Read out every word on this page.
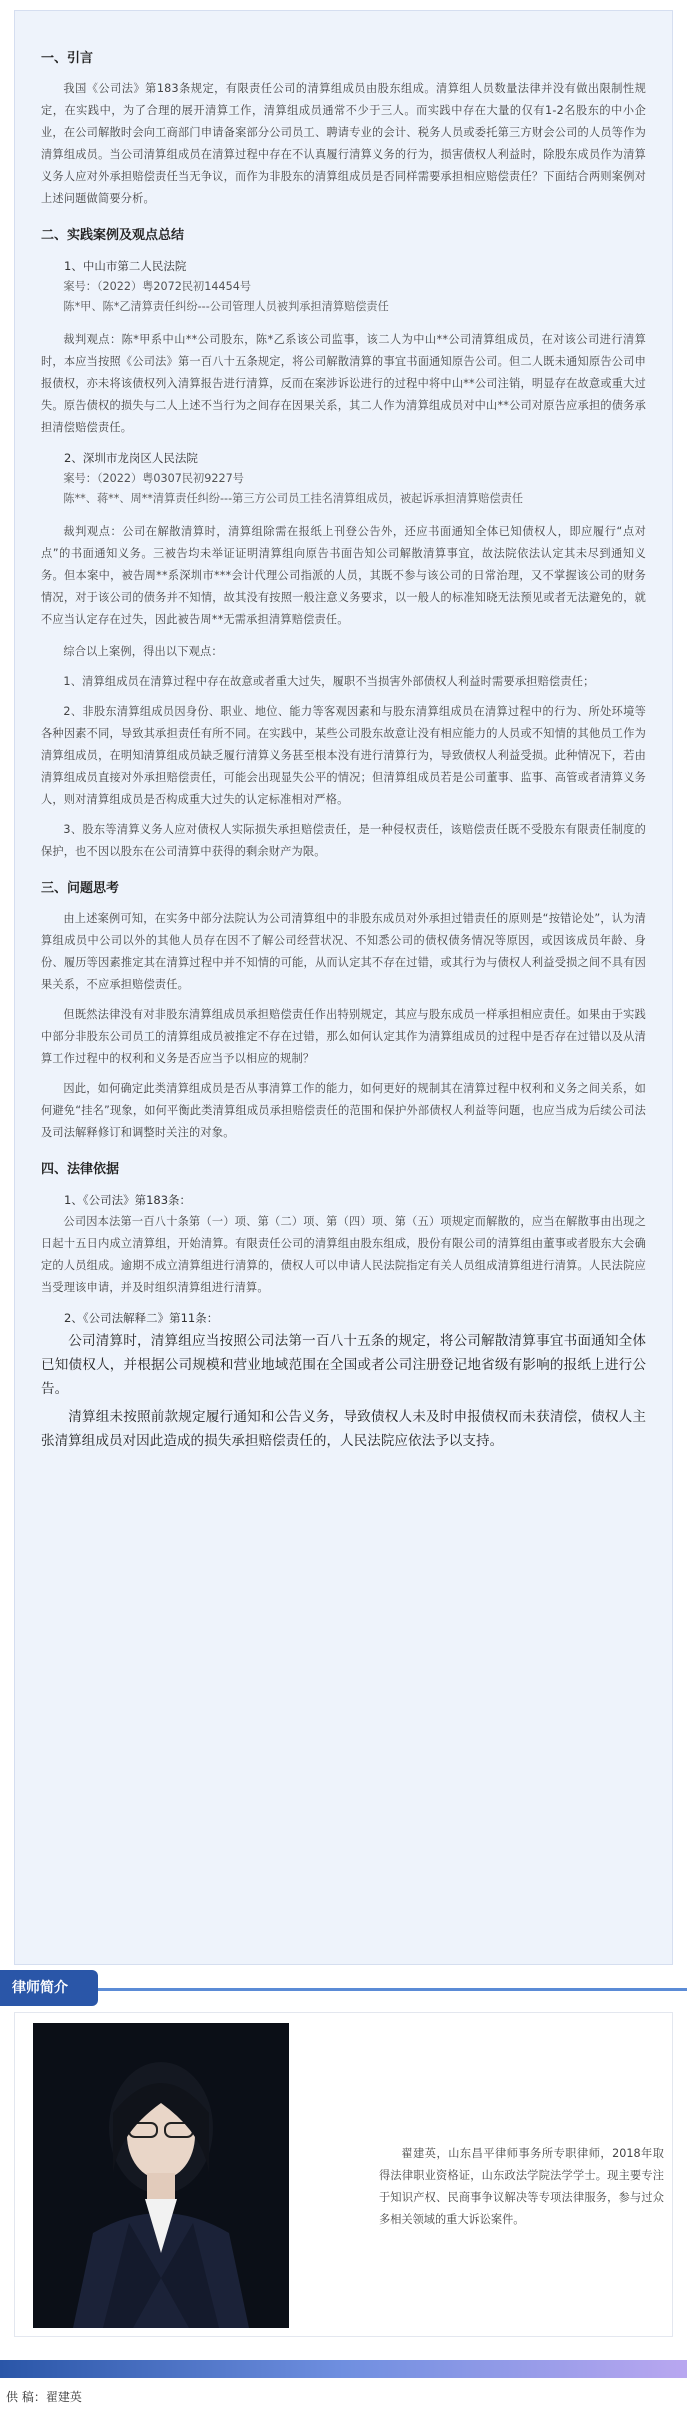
一、引言
我国《公司法》第183条规定，有限责任公司的清算组成员由股东组成。清算组人员数量法律并没有做出限制性规定，在实践中，为了合理的展开清算工作，清算组成员通常不少于三人。而实践中存在大量的仅有1-2名股东的中小企业，在公司解散时会向工商部门申请备案部分公司员工、聘请专业的会计、税务人员或委托第三方财会公司的人员等作为清算组成员。当公司清算组成员在清算过程中存在不认真履行清算义务的行为，损害债权人利益时，除股东成员作为清算义务人应对外承担赔偿责任当无争议，而作为非股东的清算组成员是否同样需要承担相应赔偿责任？下面结合两则案例对上述问题做简要分析。
二、实践案例及观点总结
1、中山市第二人民法院
案号：（2022）粤2072民初14454号
陈*甲、陈*乙清算责任纠纷---公司管理人员被判承担清算赔偿责任
裁判观点：陈*甲系中山**公司股东，陈*乙系该公司监事，该二人为中山**公司清算组成员，在对该公司进行清算时，本应当按照《公司法》第一百八十五条规定，将公司解散清算的事宜书面通知原告公司。但二人既未通知原告公司申报债权，亦未将该债权列入清算报告进行清算，反而在案涉诉讼进行的过程中将中山**公司注销，明显存在故意或重大过失。原告债权的损失与二人上述不当行为之间存在因果关系，其二人作为清算组成员对中山**公司对原告应承担的债务承担清偿赔偿责任。
2、深圳市龙岗区人民法院
案号：（2022）粤0307民初9227号
陈**、蒋**、周**清算责任纠纷---第三方公司员工挂名清算组成员，被起诉承担清算赔偿责任
裁判观点：公司在解散清算时，清算组除需在报纸上刊登公告外，还应书面通知全体已知债权人，即应履行“点对点”的书面通知义务。三被告均未举证证明清算组向原告书面告知公司解散清算事宜，故法院依法认定其未尽到通知义务。但本案中，被告周**系深圳市***会计代理公司指派的人员，其既不参与该公司的日常治理，又不掌握该公司的财务情况，对于该公司的债务并不知情，故其没有按照一般注意义务要求，以一般人的标准知晓无法预见或者无法避免的，就不应当认定存在过失，因此被告周**无需承担清算赔偿责任。
综合以上案例，得出以下观点：
1、清算组成员在清算过程中存在故意或者重大过失，履职不当损害外部债权人利益时需要承担赔偿责任；
2、非股东清算组成员因身份、职业、地位、能力等客观因素和与股东清算组成员在清算过程中的行为、所处环境等各种因素不同，导致其承担责任有所不同。在实践中，某些公司股东故意让没有相应能力的人员或不知情的其他员工作为清算组成员，在明知清算组成员缺乏履行清算义务甚至根本没有进行清算行为，导致债权人利益受损。此种情况下，若由清算组成员直接对外承担赔偿责任，可能会出现显失公平的情况；但清算组成员若是公司董事、监事、高管或者清算义务人，则对清算组成员是否构成重大过失的认定标准相对严格。
3、股东等清算义务人应对债权人实际损失承担赔偿责任，是一种侵权责任，该赔偿责任既不受股东有限责任制度的保护，也不因以股东在公司清算中获得的剩余财产为限。
三、问题思考
由上述案例可知，在实务中部分法院认为公司清算组中的非股东成员对外承担过错责任的原则是“按错论处”，认为清算组成员中公司以外的其他人员存在因不了解公司经营状况、不知悉公司的债权债务情况等原因，或因该成员年龄、身份、履历等因素推定其在清算过程中并不知情的可能，从而认定其不存在过错，或其行为与债权人利益受损之间不具有因果关系，不应承担赔偿责任。
但既然法律没有对非股东清算组成员承担赔偿责任作出特别规定，其应与股东成员一样承担相应责任。如果由于实践中部分非股东公司员工的清算组成员被推定不存在过错，那么如何认定其作为清算组成员的过程中是否存在过错以及从清算工作过程中的权利和义务是否应当予以相应的规制？
因此，如何确定此类清算组成员是否从事清算工作的能力，如何更好的规制其在清算过程中权利和义务之间关系，如何避免“挂名”现象，如何平衡此类清算组成员承担赔偿责任的范围和保护外部债权人利益等问题，也应当成为后续公司法及司法解释修订和调整时关注的对象。
四、法律依据
1、《公司法》第183条：
公司因本法第一百八十条第（一）项、第（二）项、第（四）项、第（五）项规定而解散的，应当在解散事由出现之日起十五日内成立清算组，开始清算。有限责任公司的清算组由股东组成，股份有限公司的清算组由董事或者股东大会确定的人员组成。逾期不成立清算组进行清算的，债权人可以申请人民法院指定有关人员组成清算组进行清算。人民法院应当受理该申请，并及时组织清算组进行清算。
2、《公司法解释二》第11条：
公司清算时，清算组应当按照公司法第一百八十五条的规定，将公司解散清算事宜书面通知全体已知债权人，并根据公司规模和营业地域范围在全国或者公司注册登记地省级有影响的报纸上进行公告。
清算组未按照前款规定履行通知和公告义务，导致债权人未及时申报债权而未获清偿，债权人主张清算组成员对因此造成的损失承担赔偿责任的，人民法院应依法予以支持。
律师简介
翟建英，山东昌平律师事务所专职律师，2018年取得法律职业资格证，山东政法学院法学学士。现主要专注于知识产权、民商事争议解决等专项法律服务，参与过众多相关领域的重大诉讼案件。
供 稿：翟建英
